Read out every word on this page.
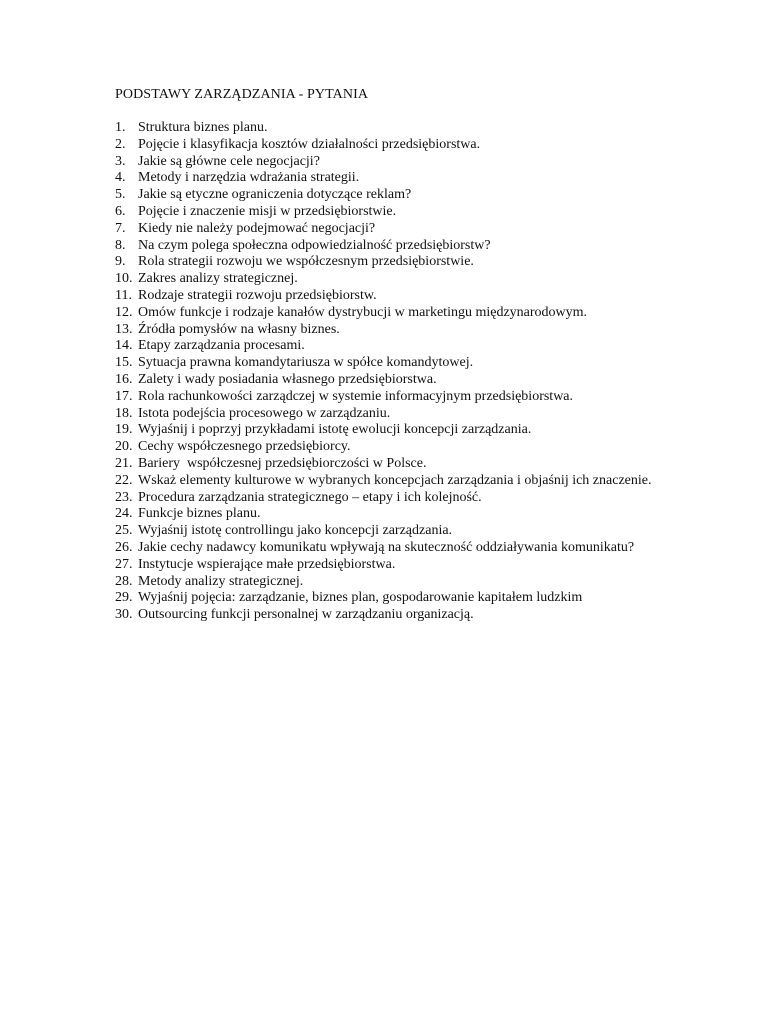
PODSTAWY ZARZĄDZANIA - PYTANIA
1. Struktura biznes planu.
2. Pojęcie i klasyfikacja kosztów działalności przedsiębiorstwa.
3. Jakie są główne cele negocjacji?
4. Metody i narzędzia wdrażania strategii.
5. Jakie są etyczne ograniczenia dotyczące reklam?
6. Pojęcie i znaczenie misji w przedsiębiorstwie.
7. Kiedy nie należy podejmować negocjacji?
8. Na czym polega społeczna odpowiedzialność przedsiębiorstw?
9. Rola strategii rozwoju we współczesnym przedsiębiorstwie.
10. Zakres analizy strategicznej.
11. Rodzaje strategii rozwoju przedsiębiorstw.
12. Omów funkcje i rodzaje kanałów dystrybucji w marketingu międzynarodowym.
13. Źródła pomysłów na własny biznes.
14. Etapy zarządzania procesami.
15. Sytuacja prawna komandytariusza w spółce komandytowej.
16. Zalety i wady posiadania własnego przedsiębiorstwa.
17. Rola rachunkowości zarządczej w systemie informacyjnym przedsiębiorstwa.
18. Istota podejścia procesowego w zarządzaniu.
19. Wyjaśnij i poprzyj przykładami istotę ewolucji koncepcji zarządzania.
20. Cechy współczesnego przedsiębiorcy.
21. Bariery  współczesnej przedsiębiorczości w Polsce.
22. Wskaż elementy kulturowe w wybranych koncepcjach zarządzania i objaśnij ich znaczenie.
23. Procedura zarządzania strategicznego – etapy i ich kolejność.
24. Funkcje biznes planu.
25. Wyjaśnij istotę controllingu jako koncepcji zarządzania.
26. Jakie cechy nadawcy komunikatu wpływają na skuteczność oddziaływania komunikatu?
27. Instytucje wspierające małe przedsiębiorstwa.
28. Metody analizy strategicznej.
29. Wyjaśnij pojęcia: zarządzanie, biznes plan, gospodarowanie kapitałem ludzkim
30. Outsourcing funkcji personalnej w zarządzaniu organizacją.
